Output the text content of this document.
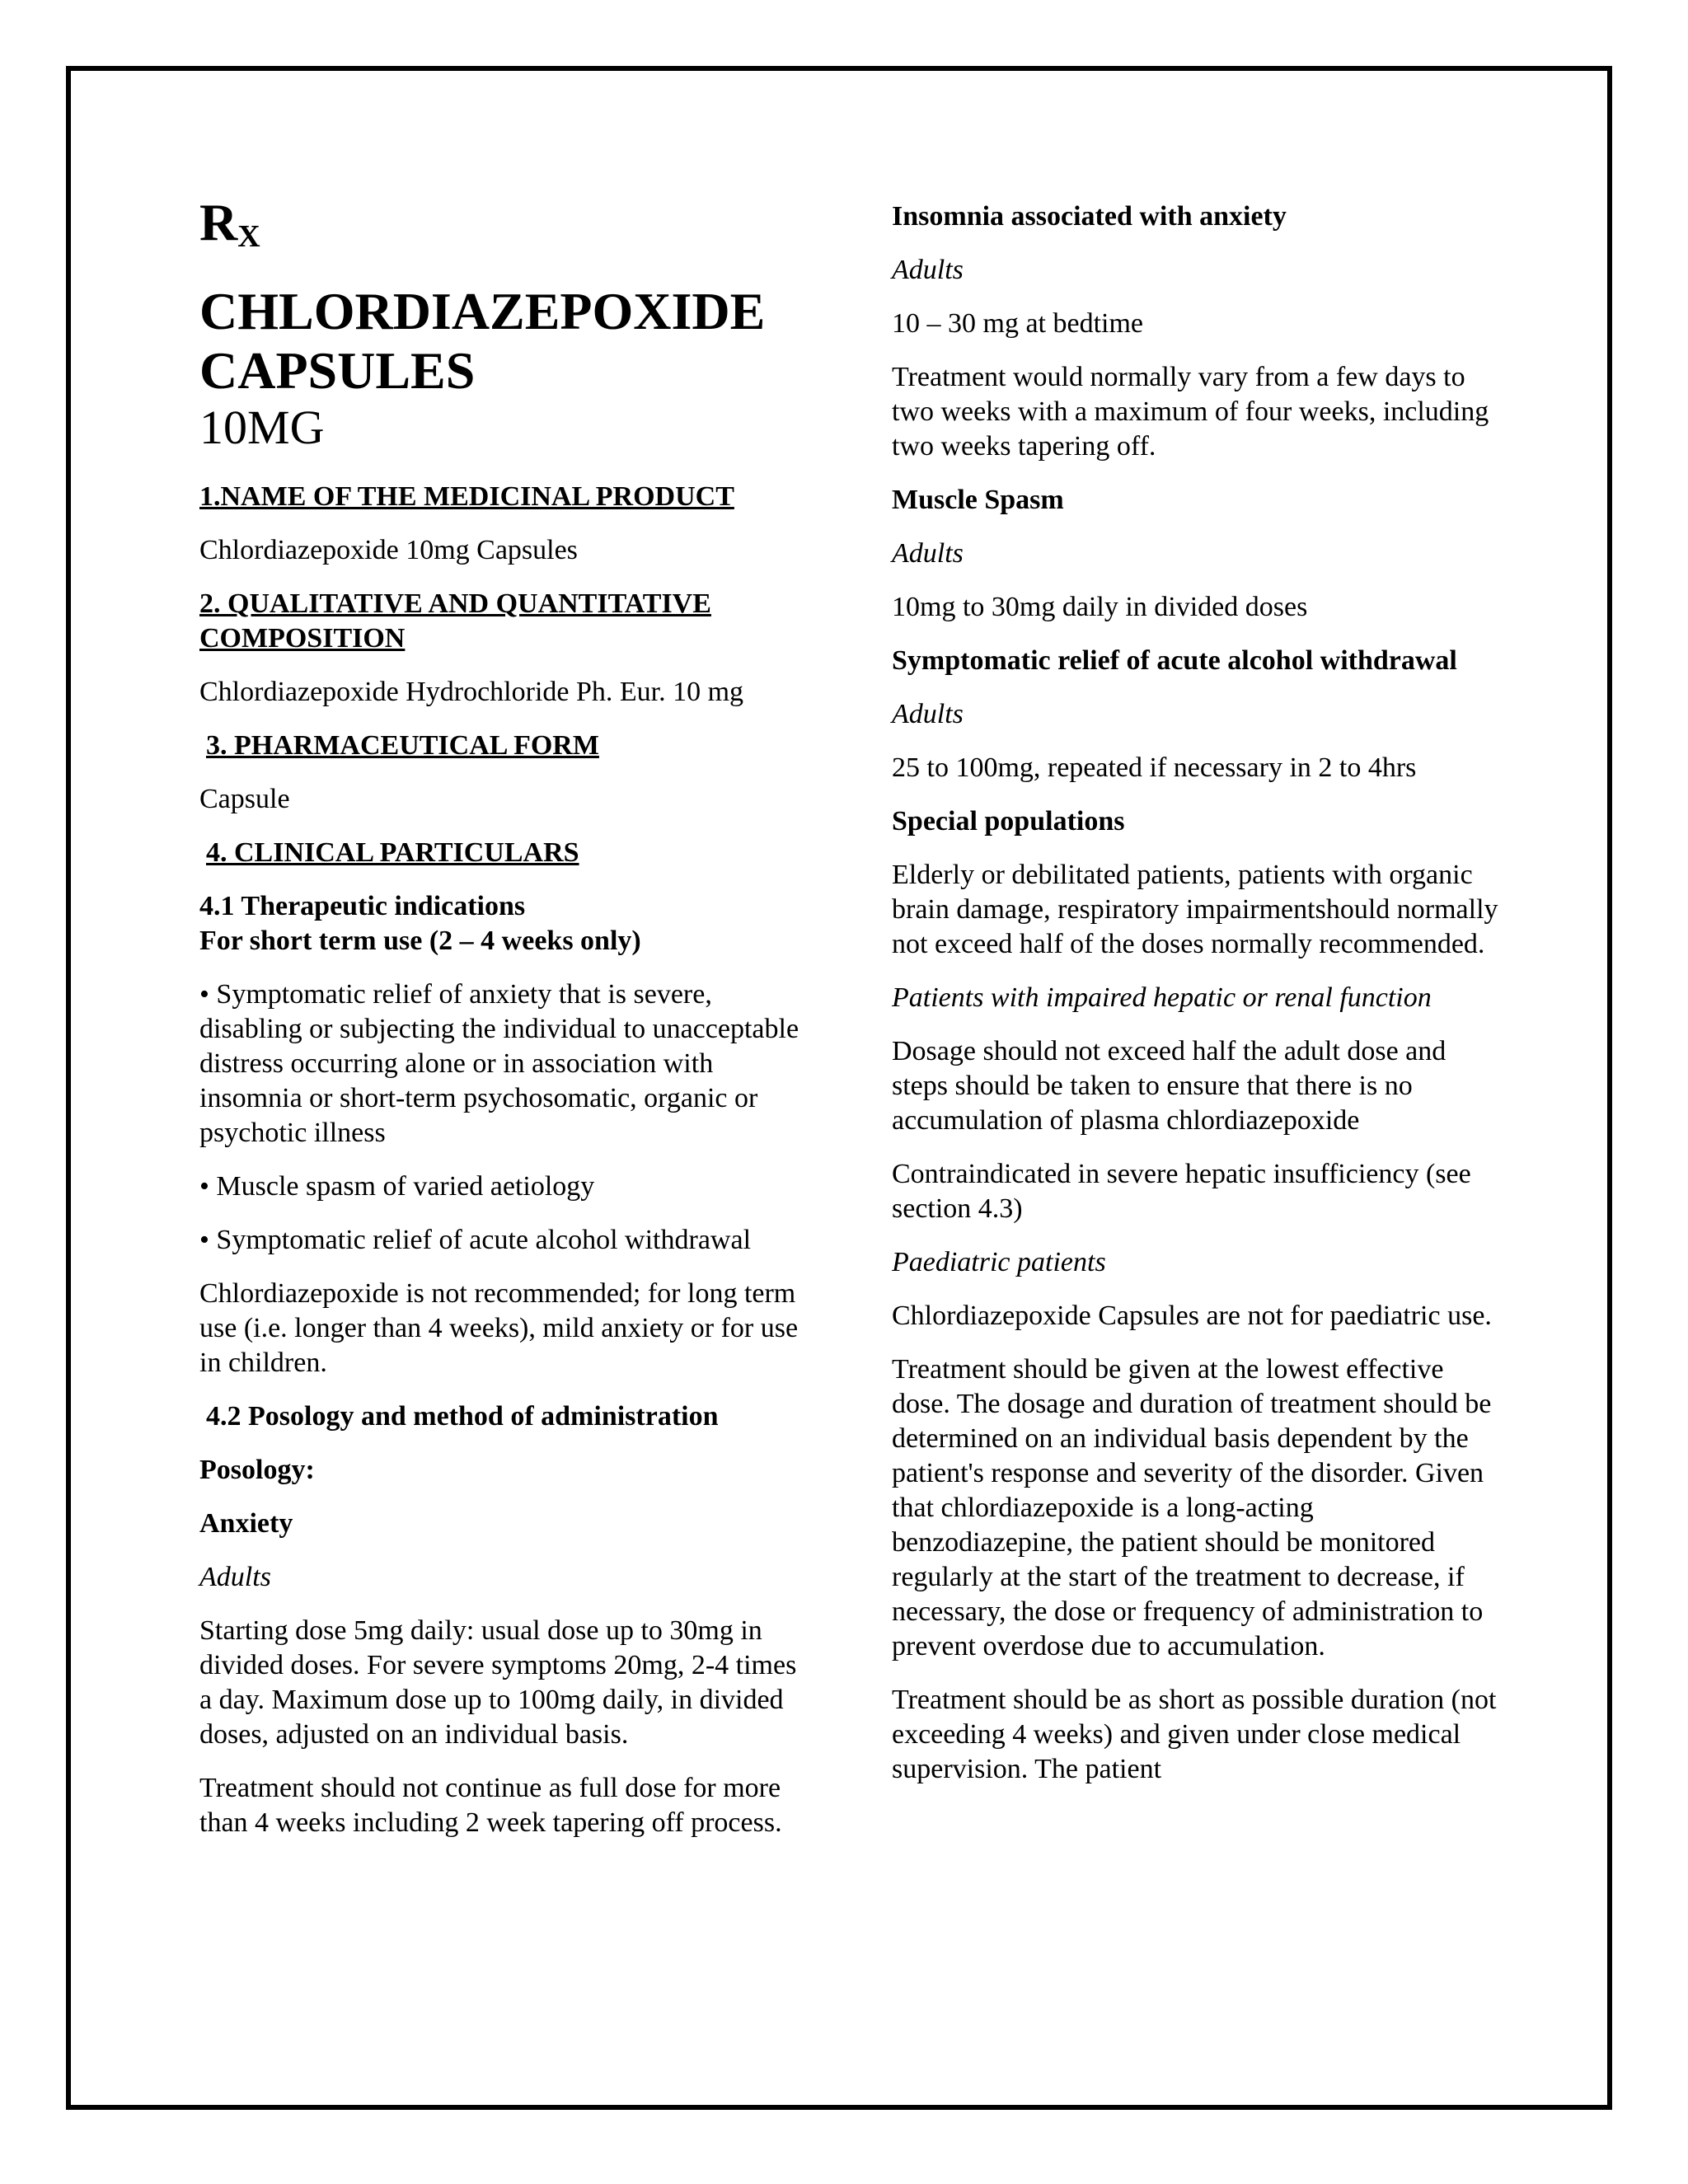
$R_X$

CHLORDIAZEPOXIDE

CAPSULES

10MG

1.NAME OF THE MEDICINAL PRODUCT

Chlordiazepoxide 10mg Capsules

2. QUALITATIVE AND QUANTITATIVE
COMPOSITION

Chlordiazepoxide Hydrochloride Ph. Eur. 10 mg

3. PHARMACEUTICAL FORM

Capsule

4. CLINICAL PARTICULARS

4.1 Therapeutic indications
For short term use (2 – 4 weeks only)

• Symptomatic relief of anxiety that is severe, disabling or subjecting the individual to unacceptable distress occurring alone or in association with insomnia or short-term psychosomatic, organic or psychotic illness

• Muscle spasm of varied aetiology

• Symptomatic relief of acute alcohol withdrawal

Chlordiazepoxide is not recommended; for long term use (i.e. longer than 4 weeks), mild anxiety or for use in children.

4.2 Posology and method of administration

Posology:

Anxiety

Adults

Starting dose 5mg daily: usual dose up to 30mg in divided doses. For severe symptoms 20mg, 2-4 times a day. Maximum dose up to 100mg daily, in divided doses, adjusted on an individual basis.

Treatment should not continue as full dose for more than 4 weeks including 2 week tapering off process.

Insomnia associated with anxiety

Adults

10 – 30 mg at bedtime

Treatment would normally vary from a few days to two weeks with a maximum of four weeks, including two weeks tapering off.

Muscle Spasm

Adults

10mg to 30mg daily in divided doses

Symptomatic relief of acute alcohol withdrawal

Adults

25 to 100mg, repeated if necessary in 2 to 4hrs

Special populations

Elderly or debilitated patients, patients with organic brain damage, respiratory impairmentshould normally not exceed half of the doses normally recommended.

Patients with impaired hepatic or renal function

Dosage should not exceed half the adult dose and steps should be taken to ensure that there is no accumulation of plasma chlordiazepoxide

Contraindicated in severe hepatic insufficiency (see section 4.3)

Paediatric patients

Chlordiazepoxide Capsules are not for paediatric use.

Treatment should be given at the lowest effective dose. The dosage and duration of treatment should be determined on an individual basis dependent by the patient's response and severity of the disorder. Given that chlordiazepoxide is a long-acting benzodiazepine, the patient should be monitored regularly at the start of the treatment to decrease, if necessary, the dose or frequency of administration to prevent overdose due to accumulation.

Treatment should be as short as possible duration (not exceeding 4 weeks) and given under close medical supervision. The patient
